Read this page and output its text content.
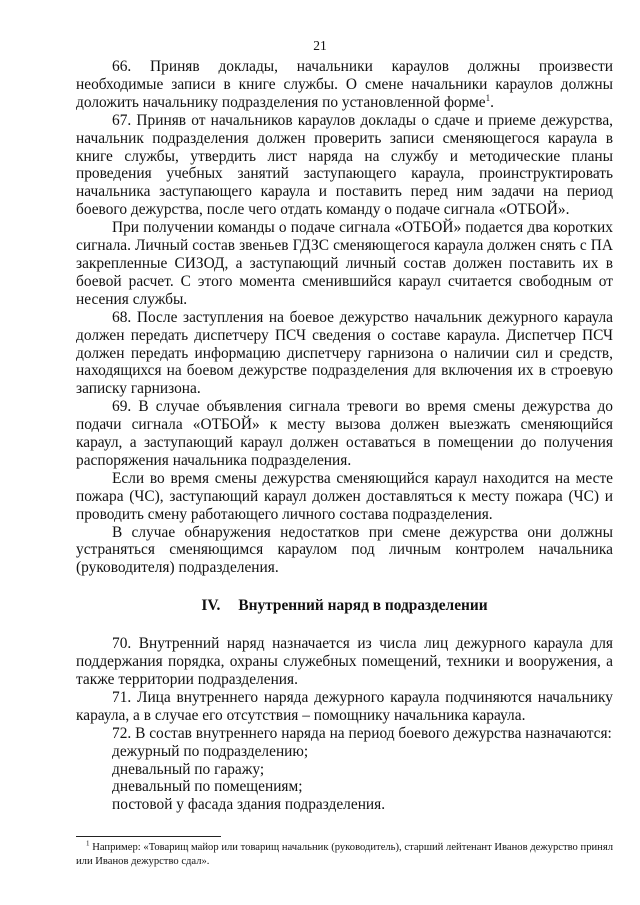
21

66. Приняв доклады, начальники караулов должны произвести необходимые записи в книге службы. О смене начальники караулов должны доложить начальнику подразделения по установленной форме$^1$.

67. Приняв от начальников караулов доклады о сдаче и приеме дежурства, начальник подразделения должен проверить записи сменяющегося караула в книге службы, утвердить лист наряда на службу и методические планы проведения учебных занятий заступающего караула, проинструктировать начальника заступающего караула и поставить перед ним задачи на период боевого дежурства, после чего отдать команду о подаче сигнала «ОТБОЙ».

При получении команды о подаче сигнала «ОТБОЙ» подается два коротких сигнала. Личный состав звеньев ГДЗС сменяющегося караула должен снять с ПА закрепленные СИЗОД, а заступающий личный состав должен поставить их в боевой расчет. С этого момента сменившийся караул считается свободным от несения службы.

68. После заступления на боевое дежурство начальник дежурного караула должен передать диспетчеру ПСЧ сведения о составе караула. Диспетчер ПСЧ должен передать информацию диспетчеру гарнизона о наличии сил и средств, находящихся на боевом дежурстве подразделения для включения их в строевую записку гарнизона.

69. В случае объявления сигнала тревоги во время смены дежурства до подачи сигнала «ОТБОЙ» к месту вызова должен выезжать сменяющийся караул, а заступающий караул должен оставаться в помещении до получения распоряжения начальника подразделения.

Если во время смены дежурства сменяющийся караул находится на месте пожара (ЧС), заступающий караул должен доставляться к месту пожара (ЧС) и проводить смену работающего личного состава подразделения.

В случае обнаружения недостатков при смене дежурства они должны устраняться сменяющимся караулом под личным контролем начальника (руководителя) подразделения.

IV. Внутренний наряд в подразделении

70. Внутренний наряд назначается из числа лиц дежурного караула для поддержания порядка, охраны служебных помещений, техники и вооружения, а также территории подразделения.

71. Лица внутреннего наряда дежурного караула подчиняются начальнику караула, а в случае его отсутствия – помощнику начальника караула.

72. В состав внутреннего наряда на период боевого дежурства назначаются:

дежурный по подразделению;

дневальный по гаражу;

дневальный по помещениям;

постовой у фасада здания подразделения.

$^1$ Например: «Товарищ майор или товарищ начальник (руководитель), старший лейтенант Иванов дежурство принял или Иванов дежурство сдал».
